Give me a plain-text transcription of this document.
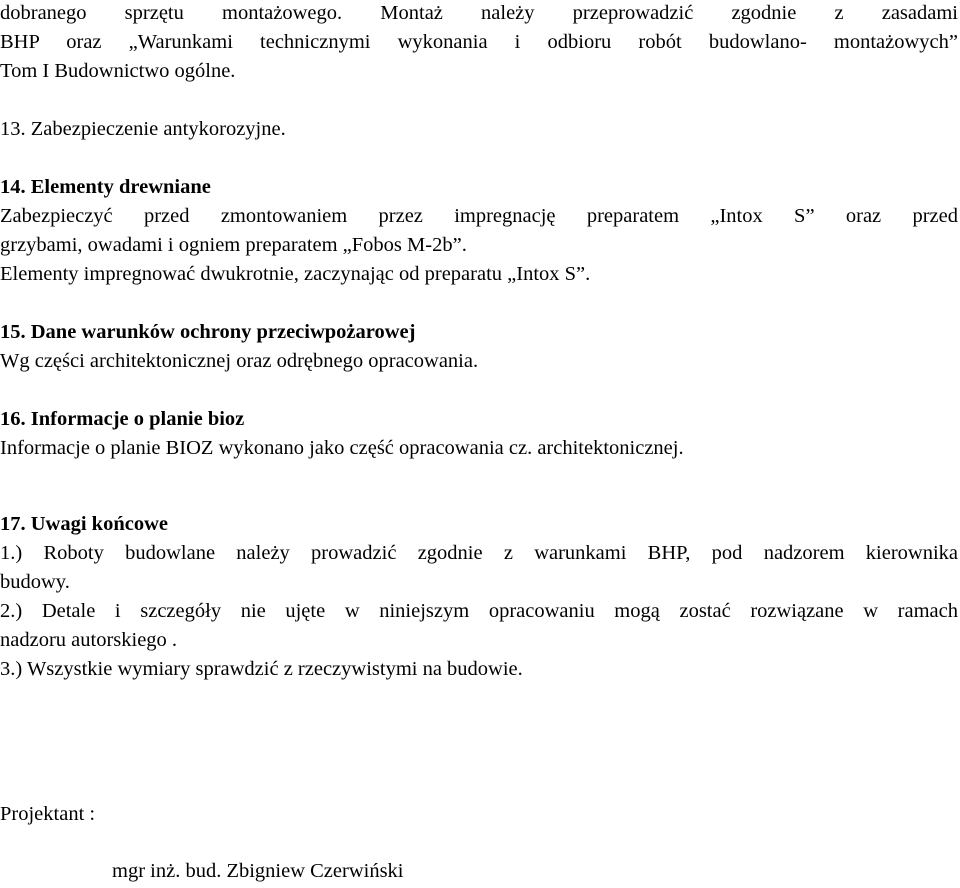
dobranego sprzętu montażowego. Montaż należy przeprowadzić zgodnie z zasadami
BHP oraz „Warunkami technicznymi wykonania i odbioru robót budowlano- montażowych”
Tom I Budownictwo ogólne.
13. Zabezpieczenie antykorozyjne.
14. Elementy drewniane
Zabezpieczyć przed zmontowaniem przez impregnację preparatem „Intox S” oraz przed
grzybami, owadami i ogniem preparatem „Fobos M-2b”.
Elementy impregnować dwukrotnie, zaczynając od preparatu „Intox S”.
15. Dane warunków ochrony przeciwpożarowej
Wg części architektonicznej oraz odrębnego opracowania.
16. Informacje o planie bioz
Informacje o planie BIOZ wykonano jako część opracowania cz. architektonicznej.
17. Uwagi końcowe
1.) Roboty budowlane należy prowadzić zgodnie z warunkami BHP, pod nadzorem kierownika
budowy.
2.) Detale i szczegóły nie ujęte w niniejszym opracowaniu mogą zostać rozwiązane w ramach
nadzoru autorskiego .
3.) Wszystkie wymiary sprawdzić z rzeczywistymi na budowie.
Projektant :
mgr inż. bud. Zbigniew Czerwiński
